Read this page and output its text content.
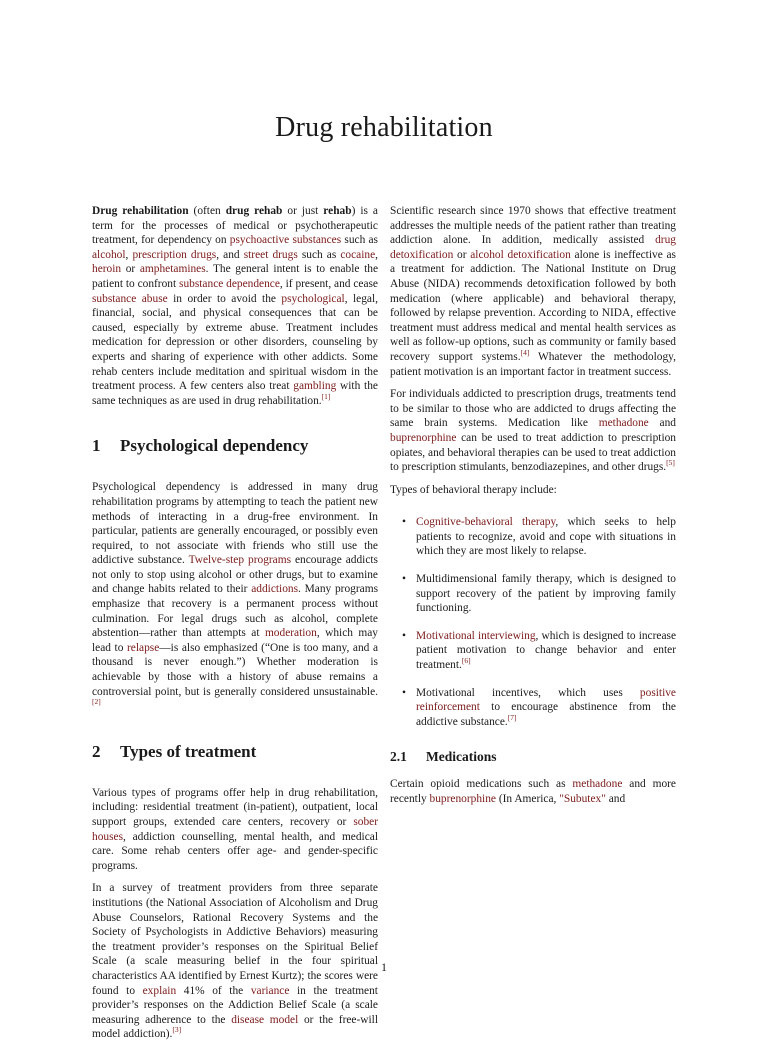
Drug rehabilitation

Drug rehabilitation (often drug rehab or just rehab) is a term for the processes of medical or psychotherapeutic treatment, for dependency on psychoactive substances such as alcohol, prescription drugs, and street drugs such as cocaine, heroin or amphetamines. The general intent is to enable the patient to confront substance dependence, if present, and cease substance abuse in order to avoid the psychological, legal, financial, social, and physical consequences that can be caused, especially by extreme abuse. Treatment includes medication for depression or other disorders, counseling by experts and sharing of experience with other addicts. Some rehab centers include meditation and spiritual wisdom in the treatment process. A few centers also treat gambling with the same techniques as are used in drug rehabilitation.[1]

1 Psychological dependency

Psychological dependency is addressed in many drug rehabilitation programs by attempting to teach the patient new methods of interacting in a drug-free environment. In particular, patients are generally encouraged, or possibly even required, to not associate with friends who still use the addictive substance. Twelve-step programs encourage addicts not only to stop using alcohol or other drugs, but to examine and change habits related to their addictions. Many programs emphasize that recovery is a permanent process without culmination. For legal drugs such as alcohol, complete abstention—rather than attempts at moderation, which may lead to relapse—is also emphasized (“One is too many, and a thousand is never enough.”) Whether moderation is achievable by those with a history of abuse remains a controversial point, but is generally considered unsustainable. [2]

2 Types of treatment

Various types of programs offer help in drug rehabilitation, including: residential treatment (in-patient), outpatient, local support groups, extended care centers, recovery or sober houses, addiction counselling, mental health, and medical care. Some rehab centers offer age- and gender-specific programs.

In a survey of treatment providers from three separate institutions (the National Association of Alcoholism and Drug Abuse Counselors, Rational Recovery Systems and the Society of Psychologists in Addictive Behaviors) measuring the treatment provider’s responses on the Spiritual Belief Scale (a scale measuring belief in the four spiritual characteristics AA identified by Ernest Kurtz); the scores were found to explain 41% of the variance in the treatment provider’s responses on the Addiction Belief Scale (a scale measuring adherence to the disease model or the free-will model addiction).[3]

Scientific research since 1970 shows that effective treatment addresses the multiple needs of the patient rather than treating addiction alone. In addition, medically assisted drug detoxification or alcohol detoxification alone is ineffective as a treatment for addiction. The National Institute on Drug Abuse (NIDA) recommends detoxification followed by both medication (where applicable) and behavioral therapy, followed by relapse prevention. According to NIDA, effective treatment must address medical and mental health services as well as follow-up options, such as community or family based recovery support systems.[4] Whatever the methodology, patient motivation is an important factor in treatment success.

For individuals addicted to prescription drugs, treatments tend to be similar to those who are addicted to drugs affecting the same brain systems. Medication like methadone and buprenorphine can be used to treat addiction to prescription opiates, and behavioral therapies can be used to treat addiction to prescription stimulants, benzodiazepines, and other drugs.[5]

Types of behavioral therapy include:

• Cognitive-behavioral therapy, which seeks to help patients to recognize, avoid and cope with situations in which they are most likely to relapse.
• Multidimensional family therapy, which is designed to support recovery of the patient by improving family functioning.
• Motivational interviewing, which is designed to increase patient motivation to change behavior and enter treatment.[6]
• Motivational incentives, which uses positive reinforcement to encourage abstinence from the addictive substance.[7]
2.1 Medications

Certain opioid medications such as methadone and more recently buprenorphine (In America, "Subutex" and

1
